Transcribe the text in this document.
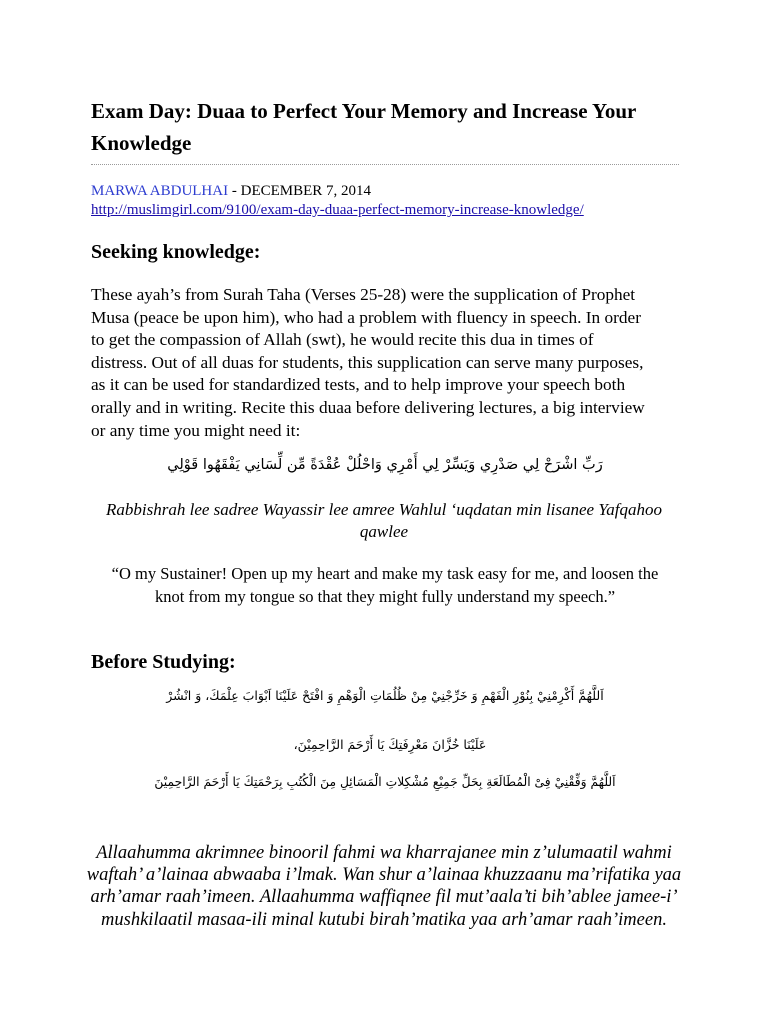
Exam Day: Duaa to Perfect Your Memory and Increase Your Knowledge
MARWA ABDULHAI - DECEMBER 7, 2014
http://muslimgirl.com/9100/exam-day-duaa-perfect-memory-increase-knowledge/
Seeking knowledge:

These ayah’s from Surah Taha (Verses 25-28) were the supplication of Prophet Musa (peace be upon him), who had a problem with fluency in speech. In order to get the compassion of Allah (swt), he would recite this dua in times of distress. Out of all duas for students, this supplication can serve many purposes, as it can be used for standardized tests, and to help improve your speech both orally and in writing. Recite this duaa before delivering lectures, a big interview or any time you might need it:

رَبِّ اشْرَحْ لِي صَدْرِي وَيَسِّرْ لِي أَمْرِي وَاحْلُلْ عُقْدَةً مِّن لِّسَانِي يَفْقَهُوا قَوْلِي

Rabbishrah lee sadree Wayassir lee amree Wahlul ‘uqdatan min lisanee Yafqahoo qawlee

“O my Sustainer! Open up my heart and make my task easy for me, and loosen the knot from my tongue so that they might fully understand my speech.”

Before Studying:
اَللَّهُمَّ أَكْرِمْنِيْ بِنُوْرِ الْفَهْمِ وَ خَرِّجْنِيْ مِنْ ظُلُمَاتِ الْوَهْمِ وَ افْتَحْ عَلَيْنَا اَبْوَابَ عِلْمَكَ، وَ انْشُرْ
عَلَيْنَا خُزَّانَ مَعْرِفَتِكَ يَا أَرْحَمَ الرَّاحِمِيْنَ،
اَللَّهُمَّ وَفِّقْنِيْ فِىْ الْمُطَالَعَةِ بِحَلِّ جَمِيْعِ مُشْكِلاتِ الْمَسَائِلِ مِنَ الْكُتُبِ بِرَحْمَتِكَ يَا أَرْحَمَ الرَّاحِمِيْنَ

Allaahumma akrimnee binooril fahmi wa kharrajanee min z’ulumaatil wahmi waftah’ a’lainaa abwaaba i’lmak. Wan shur a’lainaa khuzzaanu ma’rifatika yaa arh’amar raah’imeen. Allaahumma waffiqnee fil mut’aala’ti bih’ablee jamee-i’ mushkilaatil masaa-ili minal kutubi birah’matika yaa arh’amar raah’imeen.
